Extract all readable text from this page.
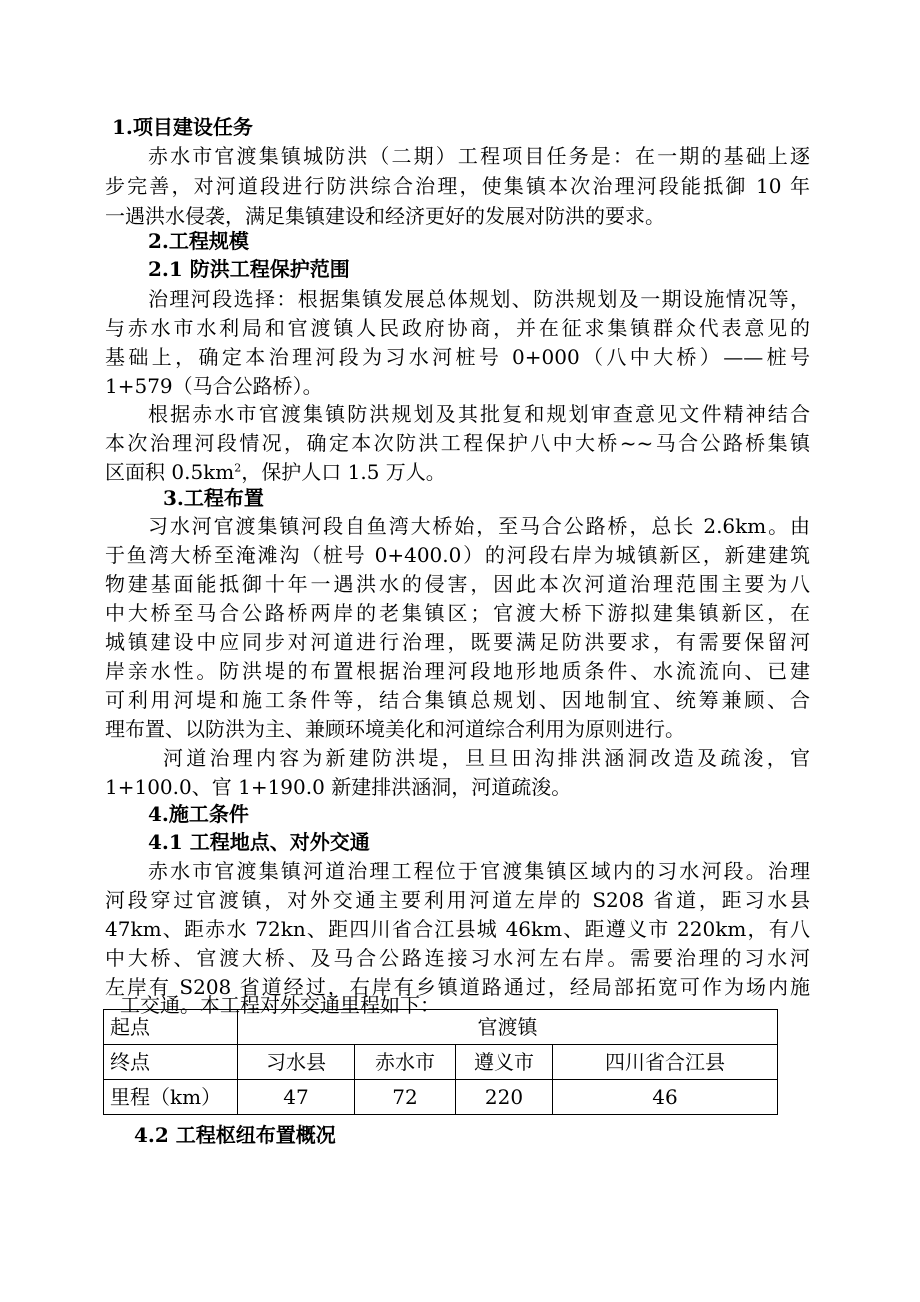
1.项目建设任务
赤水市官渡集镇城防洪（二期）工程项目任务是：在一期的基础上逐
步完善，对河道段进行防洪综合治理，使集镇本次治理河段能抵御 10 年
一遇洪水侵袭，满足集镇建设和经济更好的发展对防洪的要求。
2.工程规模
2.1 防洪工程保护范围
治理河段选择：根据集镇发展总体规划、防洪规划及一期设施情况等，
与赤水市水利局和官渡镇人民政府协商，并在征求集镇群众代表意见的
基础上，确定本治理河段为习水河桩号 0+000（八中大桥）——桩号
1+579（马合公路桥）。
根据赤水市官渡集镇防洪规划及其批复和规划审查意见文件精神结合
本次治理河段情况，确定本次防洪工程保护八中大桥~~马合公路桥集镇
区面积 $0.5km^2$，保护人口 1.5 万人。
3.工程布置
习水河官渡集镇河段自鱼湾大桥始，至马合公路桥，总长 2.6km。由
于鱼湾大桥至淹滩沟（桩号 0+400.0）的河段右岸为城镇新区，新建建筑
物建基面能抵御十年一遇洪水的侵害，因此本次河道治理范围主要为八
中大桥至马合公路桥两岸的老集镇区；官渡大桥下游拟建集镇新区，在
城镇建设中应同步对河道进行治理，既要满足防洪要求，有需要保留河
岸亲水性。防洪堤的布置根据治理河段地形地质条件、水流流向、已建
可利用河堤和施工条件等，结合集镇总规划、因地制宜、统筹兼顾、合
理布置、以防洪为主、兼顾环境美化和河道综合利用为原则进行。
河道治理内容为新建防洪堤，旦旦田沟排洪涵洞改造及疏浚，官
1+100.0、官 1+190.0 新建排洪涵洞，河道疏浚。
4.施工条件
4.1 工程地点、对外交通
赤水市官渡集镇河道治理工程位于官渡集镇区域内的习水河段。治理
河段穿过官渡镇，对外交通主要利用河道左岸的 S208 省道，距习水县
47km、距赤水 72kn、距四川省合江县城 46km、距遵义市 220km，有八
中大桥、官渡大桥、及马合公路连接习水河左右岸。需要治理的习水河
左岸有 S208 省道经过，右岸有乡镇道路通过，经局部拓宽可作为场内施
工交通。本工程对外交通里程如下：
起点	官渡镇			
终点	习水县	赤水市	遵义市	四川省合江县
里程（km）	47	72	220	46
4.2 工程枢纽布置概况
